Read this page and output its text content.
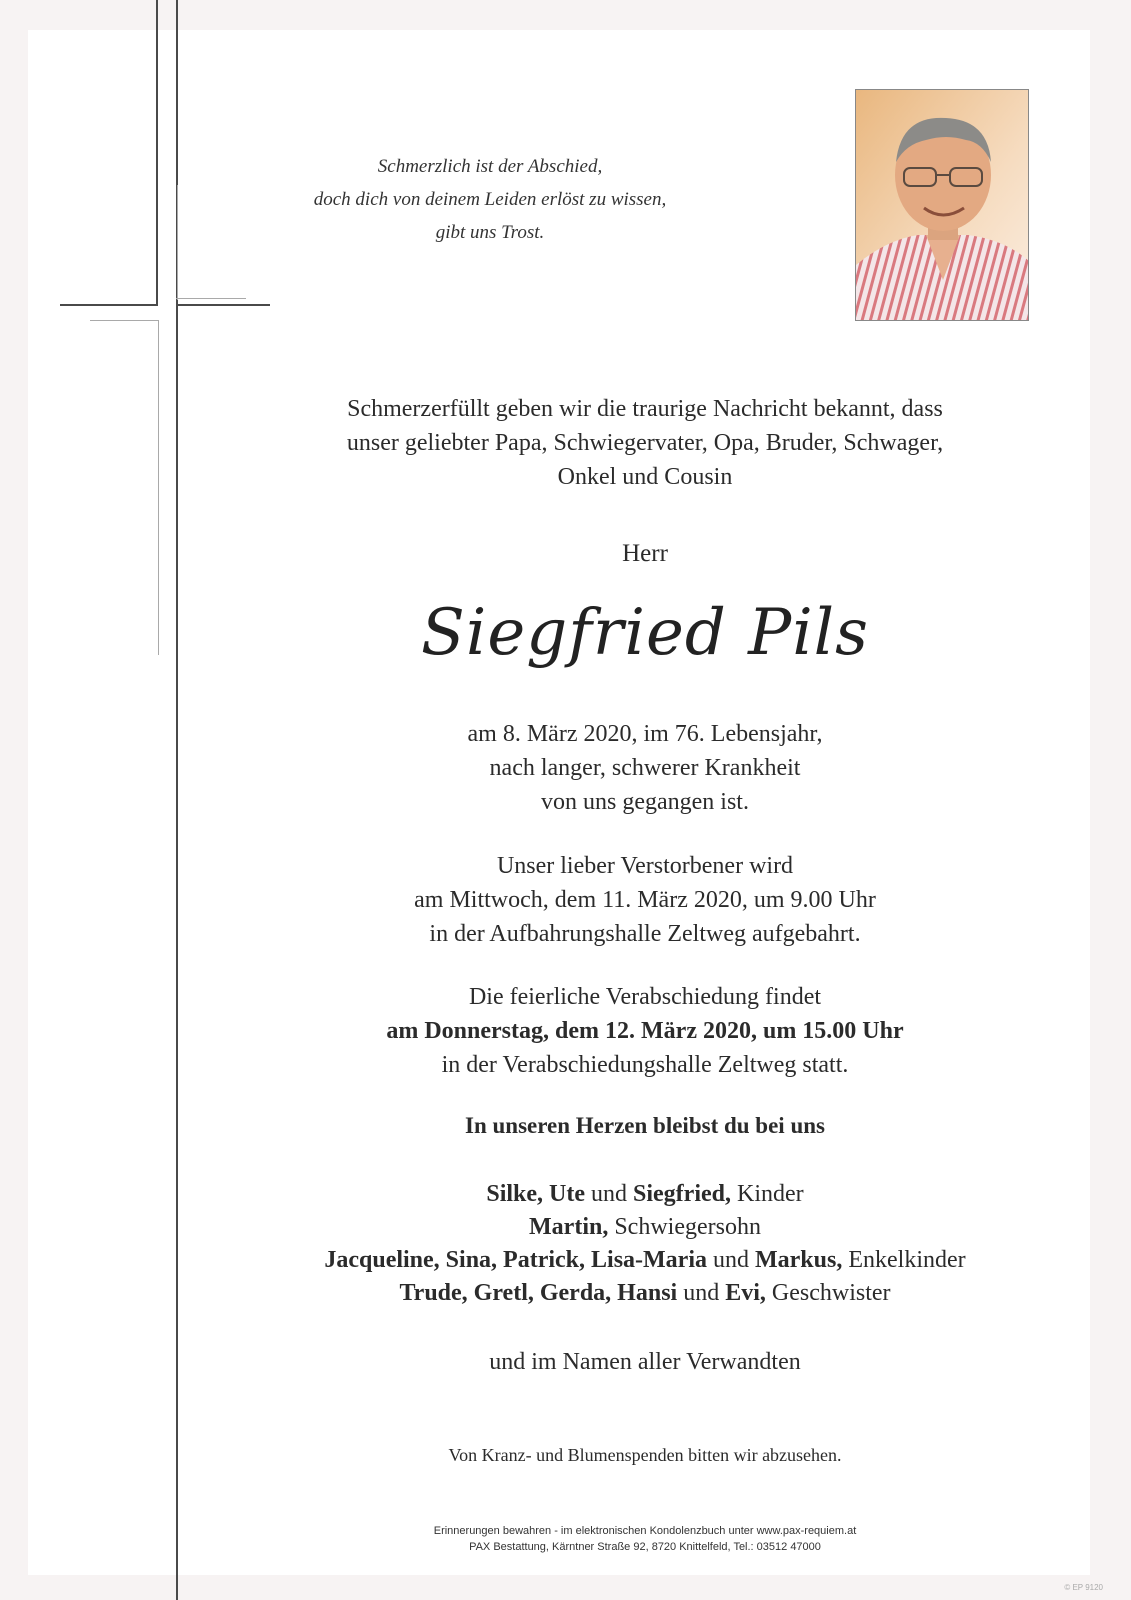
Schmerzlich ist der Abschied,
doch dich von deinem Leiden erlöst zu wissen,
gibt uns Trost.
Schmerzerfüllt geben wir die traurige Nachricht bekannt, dass
unser geliebter Papa, Schwiegervater, Opa, Bruder, Schwager,
Onkel und Cousin
Herr
Siegfried Pils
am 8. März 2020, im 76. Lebensjahr,
nach langer, schwerer Krankheit
von uns gegangen ist.
Unser lieber Verstorbener wird
am Mittwoch, dem 11. März 2020, um 9.00 Uhr
in der Aufbahrungshalle Zeltweg aufgebahrt.
Die feierliche Verabschiedung findet
am Donnerstag, dem 12. März 2020, um 15.00 Uhr
in der Verabschiedungshalle Zeltweg statt.
In unseren Herzen bleibst du bei uns
Silke, Ute und Siegfried, Kinder
Martin, Schwiegersohn
Jacqueline, Sina, Patrick, Lisa-Maria und Markus, Enkelkinder
Trude, Gretl, Gerda, Hansi und Evi, Geschwister
und im Namen aller Verwandten
Von Kranz- und Blumenspenden bitten wir abzusehen.
Erinnerungen bewahren - im elektronischen Kondolenzbuch unter www.pax-requiem.at
PAX Bestattung, Kärntner Straße 92, 8720 Knittelfeld, Tel.: 03512 47000
© EP 9120
